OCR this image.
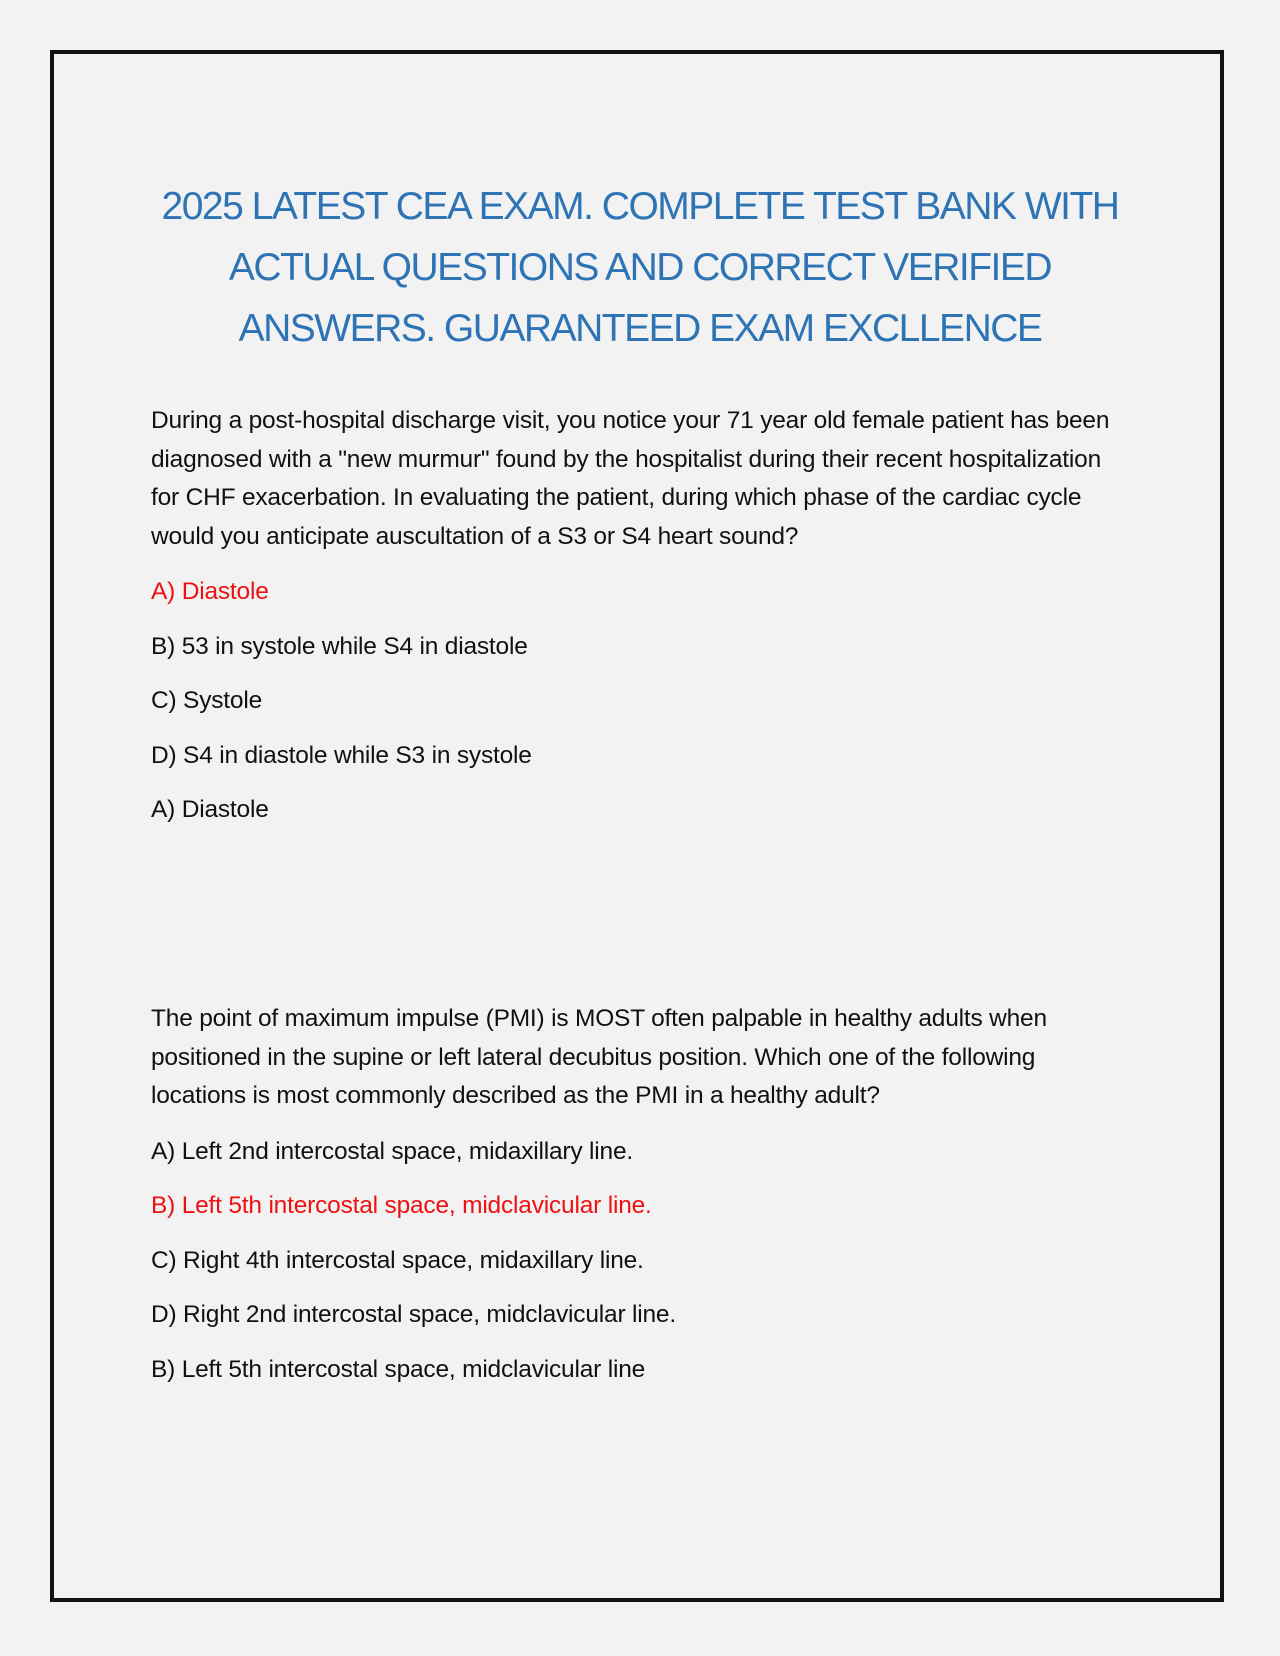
2025 LATEST CEA EXAM. COMPLETE TEST BANK WITH ACTUAL QUESTIONS AND CORRECT VERIFIED ANSWERS. GUARANTEED EXAM EXCLLENCE

During a post-hospital discharge visit, you notice your 71 year old female patient has been diagnosed with a "new murmur" found by the hospitalist during their recent hospitalization for CHF exacerbation. In evaluating the patient, during which phase of the cardiac cycle would you anticipate auscultation of a S3 or S4 heart sound?

A) Diastole

B) 53 in systole while S4 in diastole

C) Systole

D) S4 in diastole while S3 in systole

A) Diastole

The point of maximum impulse (PMI) is MOST often palpable in healthy adults when positioned in the supine or left lateral decubitus position. Which one of the following locations is most commonly described as the PMI in a healthy adult?

A) Left 2nd intercostal space, midaxillary line.

B) Left 5th intercostal space, midclavicular line.

C) Right 4th intercostal space, midaxillary line.

D) Right 2nd intercostal space, midclavicular line.

B) Left 5th intercostal space, midclavicular line
